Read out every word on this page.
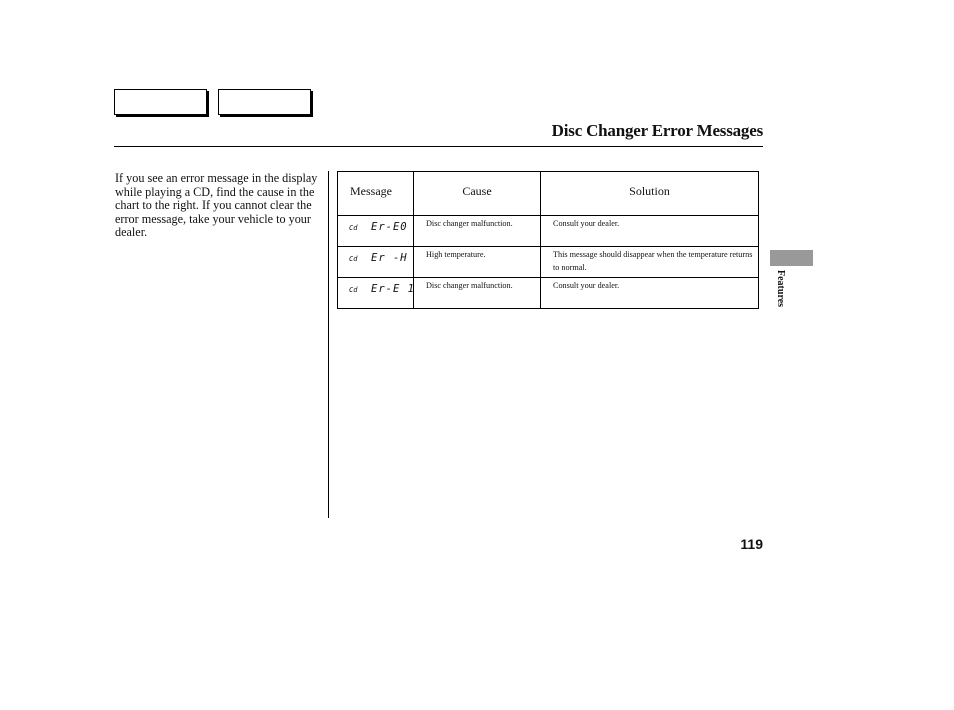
Disc Changer Error Messages
If you see an error message in the display while playing a CD, find the cause in the chart to the right. If you cannot clear the error message, take your vehicle to your dealer.
Message	Cause	Solution
Cd Er-E0	Disc changer malfunction.	Consult your dealer.
Cd Er -H	High temperature.	This message should disappear when the temperature returns to normal.
Cd Er-E 1	Disc changer malfunction.	Consult your dealer.	Features
119
